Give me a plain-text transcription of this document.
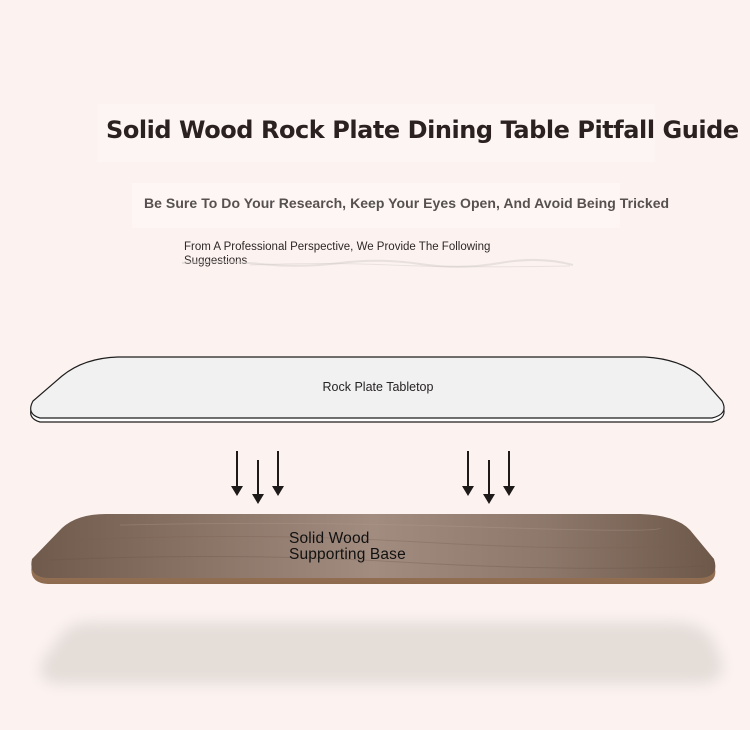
Solid Wood Rock Plate Dining Table Pitfall Guide
Be Sure To Do Your Research, Keep Your Eyes Open, And Avoid Being Tricked
From A Professional Perspective, We Provide The Following Suggestions
Rock Plate Tabletop
Solid Wood
Supporting Base
